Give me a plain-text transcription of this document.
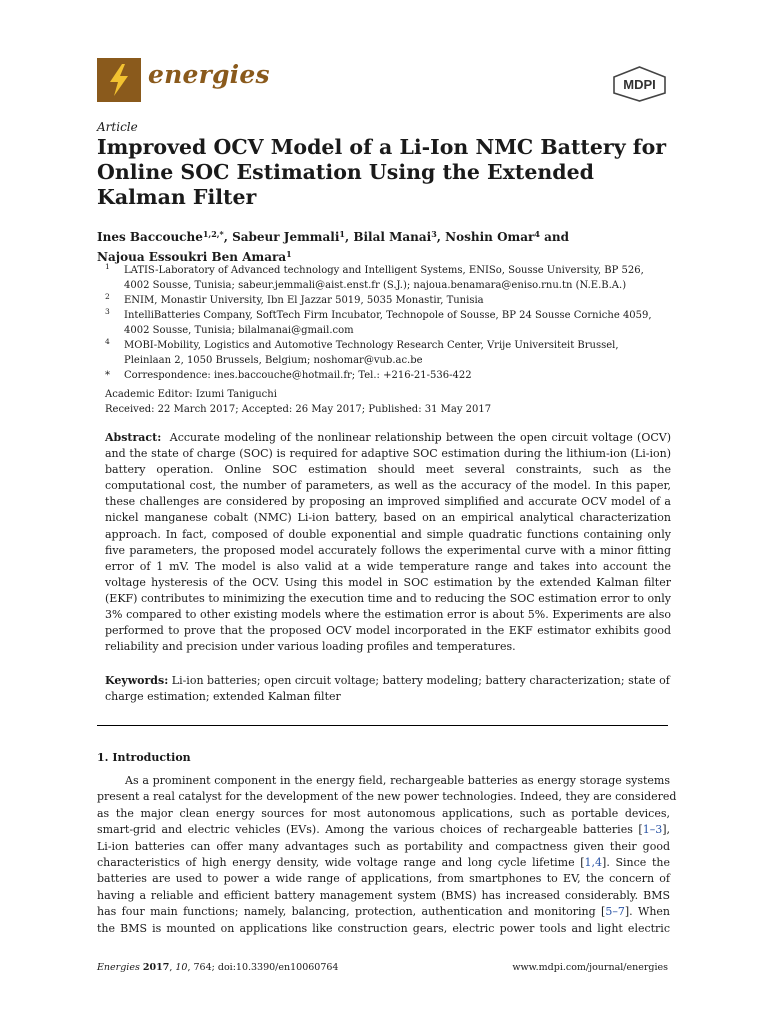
energies	MDPI
Article
Improved OCV Model of a Li-Ion NMC Battery for Online SOC Estimation Using the Extended Kalman Filter
Ines Baccouche$^{1,2,*}$, Sabeur Jemmali$^1$, Bilal Manai$^3$, Noshin Omar$^4$ and
Najoua Essoukri Ben Amara$^1$
1 LATIS-Laboratory of Advanced technology and Intelligent Systems, ENISo, Sousse University, BP 526,
4002 Sousse, Tunisia; sabeur.jemmali@aist.enst.fr (S.J.); najoua.benamara@eniso.rnu.tn (N.E.B.A.)
2 ENIM, Monastir University, Ibn El Jazzar 5019, 5035 Monastir, Tunisia
3 IntelliBatteries Company, SoftTech Firm Incubator, Technopole of Sousse, BP 24 Sousse Corniche 4059,
4002 Sousse, Tunisia; bilalmanai@gmail.com
4 MOBI-Mobility, Logistics and Automotive Technology Research Center, Vrije Universiteit Brussel,
Pleinlaan 2, 1050 Brussels, Belgium; noshomar@vub.ac.be
* Correspondence: ines.baccouche@hotmail.fr; Tel.: +216-21-536-422
Academic Editor: Izumi Taniguchi
Received: 22 March 2017; Accepted: 26 May 2017; Published: 31 May 2017
Abstract: Accurate modeling of the nonlinear relationship between the open circuit voltage (OCV) and the state of charge (SOC) is required for adaptive SOC estimation during the lithium-ion (Li-ion) battery operation. Online SOC estimation should meet several constraints, such as the computational cost, the number of parameters, as well as the accuracy of the model. In this paper, these challenges are considered by proposing an improved simplified and accurate OCV model of a nickel manganese cobalt (NMC) Li-ion battery, based on an empirical analytical characterization approach. In fact, composed of double exponential and simple quadratic functions containing only five parameters, the proposed model accurately follows the experimental curve with a minor fitting error of 1 mV. The model is also valid at a wide temperature range and takes into account the voltage hysteresis of the OCV. Using this model in SOC estimation by the extended Kalman filter (EKF) contributes to minimizing the execution time and to reducing the SOC estimation error to only 3% compared to other existing models where the estimation error is about 5%. Experiments are also performed to prove that the proposed OCV model incorporated in the EKF estimator exhibits good reliability and precision under various loading profiles and temperatures.
Keywords: Li-ion batteries; open circuit voltage; battery modeling; battery characterization; state of charge estimation; extended Kalman filter
1. Introduction
As a prominent component in the energy field, rechargeable batteries as energy storage systems
present a real catalyst for the development of the new power technologies. Indeed, they are considered
as the major clean energy sources for most autonomous applications, such as portable devices,
smart-grid and electric vehicles (EVs). Among the various choices of rechargeable batteries [1–3],
Li-ion batteries can offer many advantages such as portability and compactness given their good
characteristics of high energy density, wide voltage range and long cycle lifetime [1,4]. Since the
batteries are used to power a wide range of applications, from smartphones to EV, the concern of
having a reliable and efficient battery management system (BMS) has increased considerably. BMS
has four main functions; namely, balancing, protection, authentication and monitoring [5–7]. When
the BMS is mounted on applications like construction gears, electric power tools and light electric
Energies 2017, 10, 764; doi:10.3390/en10060764	www.mdpi.com/journal/energies
